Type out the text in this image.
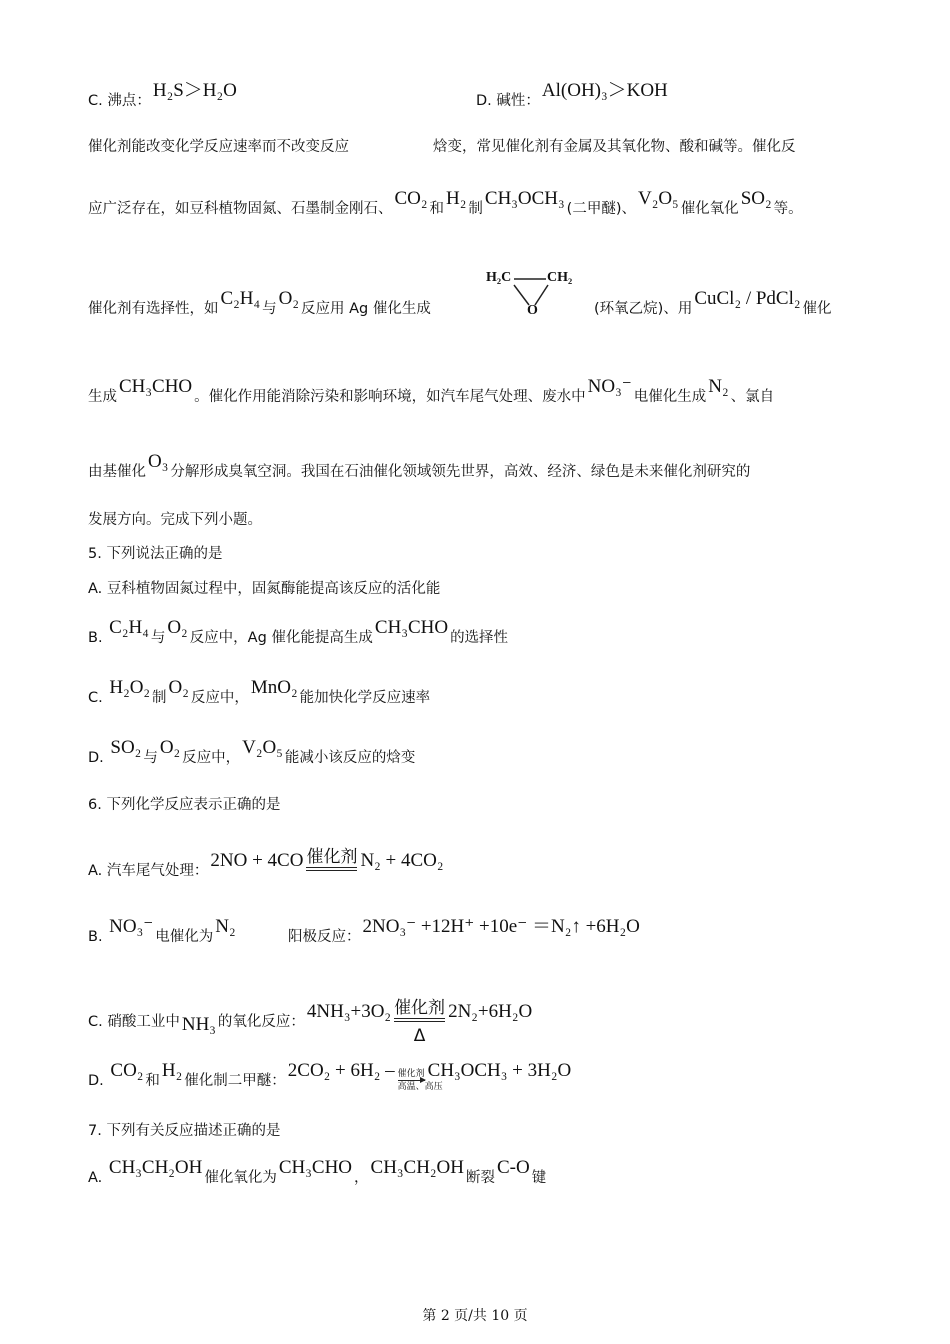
C. 沸点： H₂S＞H₂O	D. 碱性： Al(OH)₃＞KOH
催化剂能改变化学反应速率而不改变反应	焓变，常见催化剂有金属及其氧化物、酸和碱等。催化反
应广泛存在，如豆科植物固氮、石墨制金刚石、 CO₂ 和 H₂ 制 CH₃OCH₃ (二甲醚)、 V₂O₅ 催化氧化 SO₂ 等。
催化剂有选择性，如 C₂H₄ 与 O₂ 反应用 Ag 催化生成	(环氧乙烷)、用 CuCl₂ / PdCl₂ 催化
生成 CH₃CHO 。催化作用能消除污染和影响环境，如汽车尾气处理、废水中 NO₃⁻ 电催化生成 N₂ 、氯自
由基催化 O₃ 分解形成臭氧空洞。我国在石油催化领域领先世界，高效、经济、绿色是未来催化剂研究的
发展方向。完成下列小题。
5. 下列说法正确的是
A. 豆科植物固氮过程中，固氮酶能提高该反应的活化能
B. C₂H₄ 与 O₂ 反应中，Ag 催化能提高生成 CH₃CHO 的选择性
C. H₂O₂ 制 O₂ 反应中， MnO₂ 能加快化学反应速率
D. SO₂ 与 O₂ 反应中， V₂O₅ 能减小该反应的焓变
6. 下列化学反应表示正确的是
A. 汽车尾气处理： 2NO + 4CO 催化剂 N₂ + 4CO₂
B. NO₃⁻ 电催化为 N₂	阳极反应： 2NO₃⁻ +12H⁺ +10e⁻ ＝N₂↑ +6H₂O
C. 硝酸工业中 NH₃ 的氧化反应： 4NH₃+3O₂ 催化剂
Δ
2N₂+6H₂O
D. CO₂ 和 H₂ 催化制二甲醚： 2CO₂ + 6H₂ – 催化剂
高温、高压
CH₃OCH₃ + 3H₂O
7. 下列有关反应描述正确的是
A. CH₃CH₂OH 催化氧化为 CH₃CHO ， CH₃CH₂OH 断裂 C-O 键
H₂C	CH₂
O
第 2 页/共 10 页
